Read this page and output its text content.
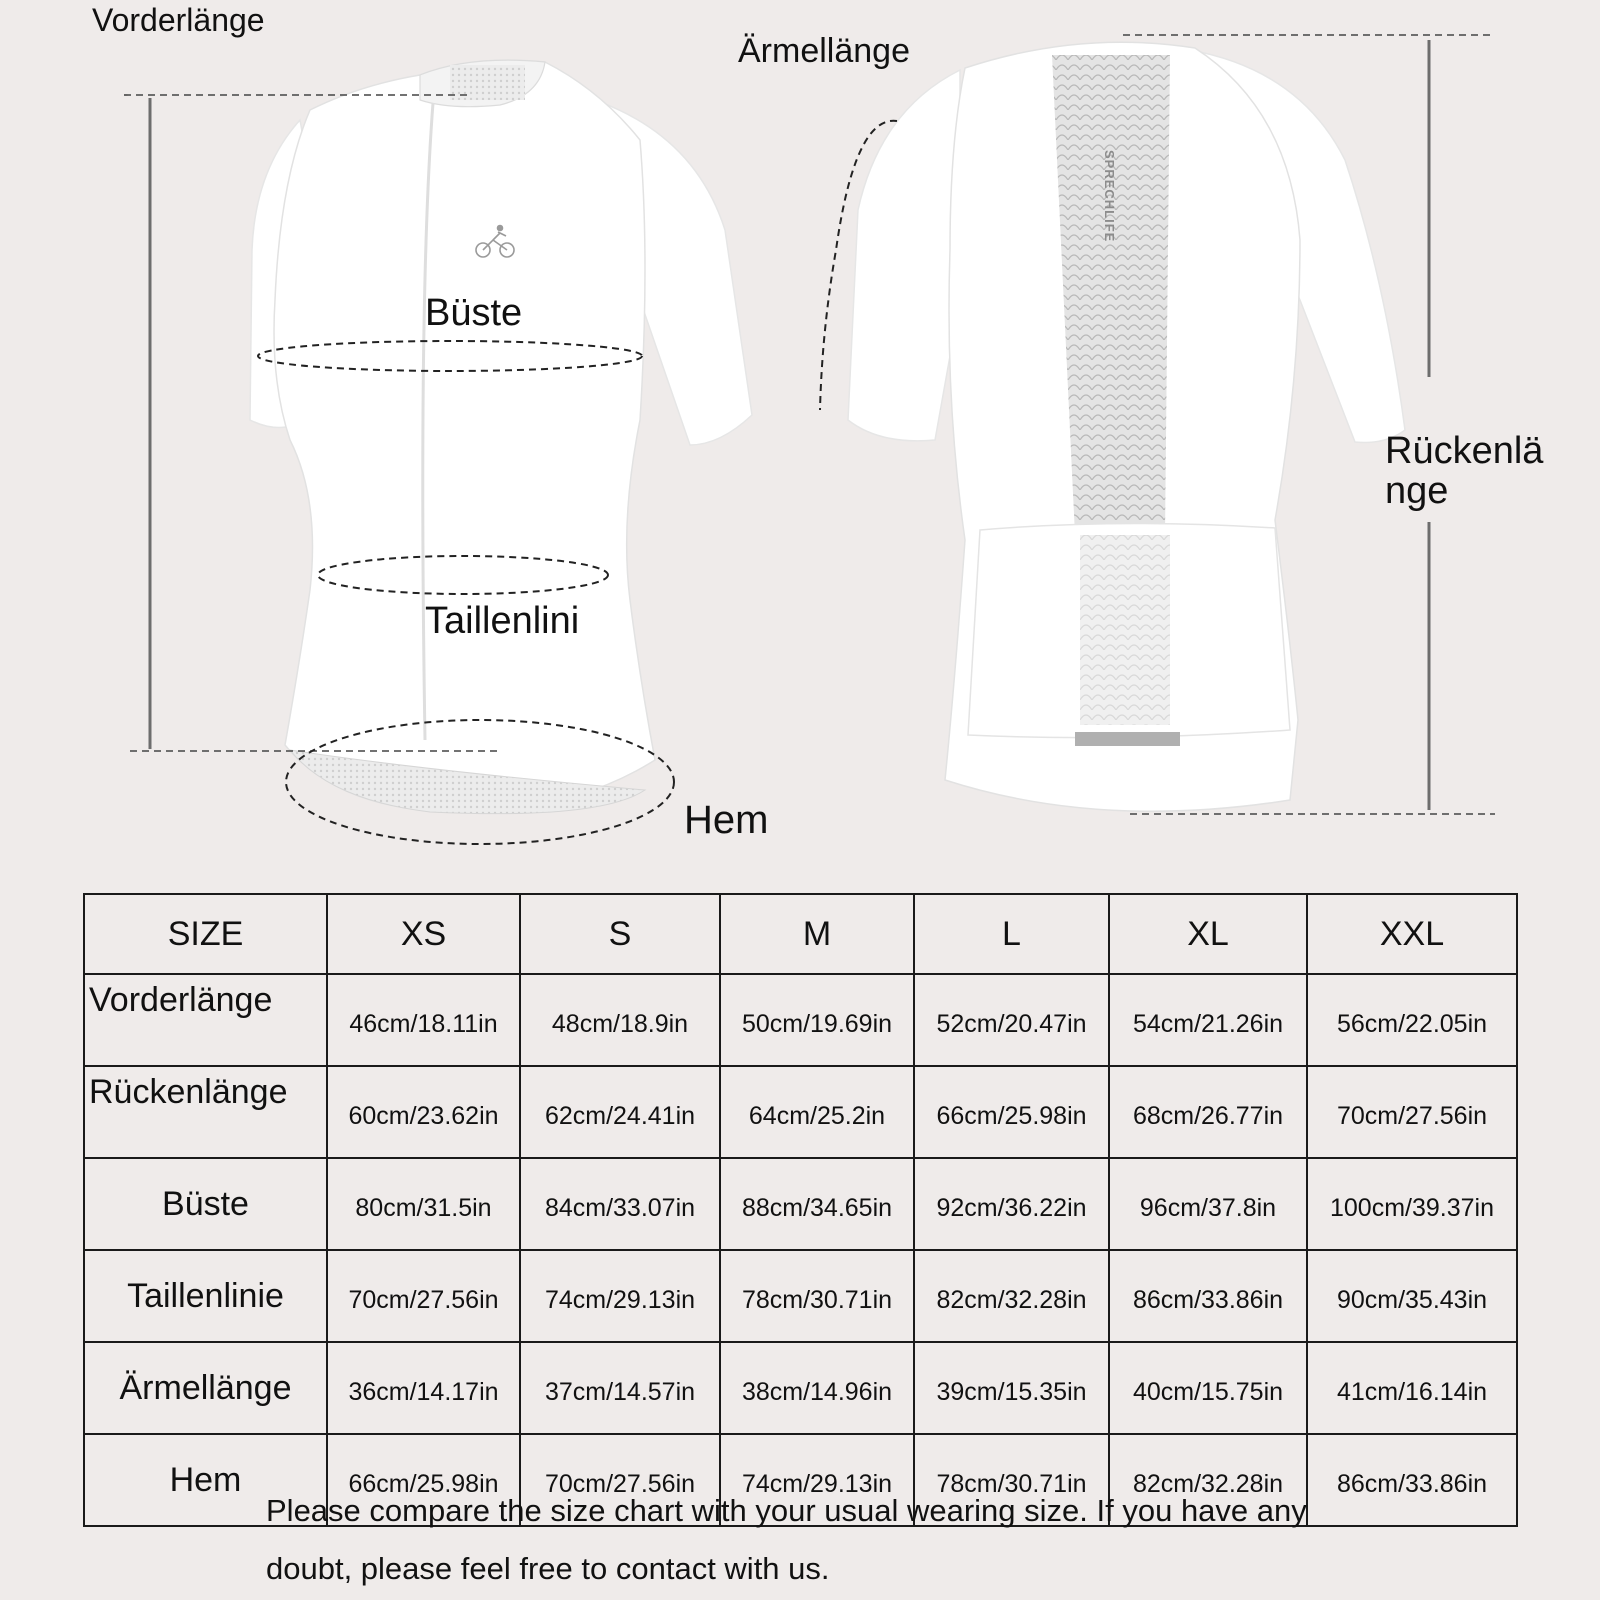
SPRECHLIFE
Vorderlänge
Ärmellänge
Büste
Taillenlini
Hem
Rückenlä
nge
SIZE	XS	S	M	L	XL	XXL
Vorderlänge	46cm/18.11in	48cm/18.9in	50cm/19.69in	52cm/20.47in	54cm/21.26in	56cm/22.05in
Rückenlänge	60cm/23.62in	62cm/24.41in	64cm/25.2in	66cm/25.98in	68cm/26.77in	70cm/27.56in
Büste	80cm/31.5in	84cm/33.07in	88cm/34.65in	92cm/36.22in	96cm/37.8in	100cm/39.37in
Taillenlinie	70cm/27.56in	74cm/29.13in	78cm/30.71in	82cm/32.28in	86cm/33.86in	90cm/35.43in
Ärmellänge	36cm/14.17in	37cm/14.57in	38cm/14.96in	39cm/15.35in	40cm/15.75in	41cm/16.14in
Hem	66cm/25.98in	70cm/27.56in	74cm/29.13in	78cm/30.71in	82cm/32.28in	86cm/33.86in
Please compare the size chart with your usual wearing size. If you have any
doubt, please feel free to contact with us.
